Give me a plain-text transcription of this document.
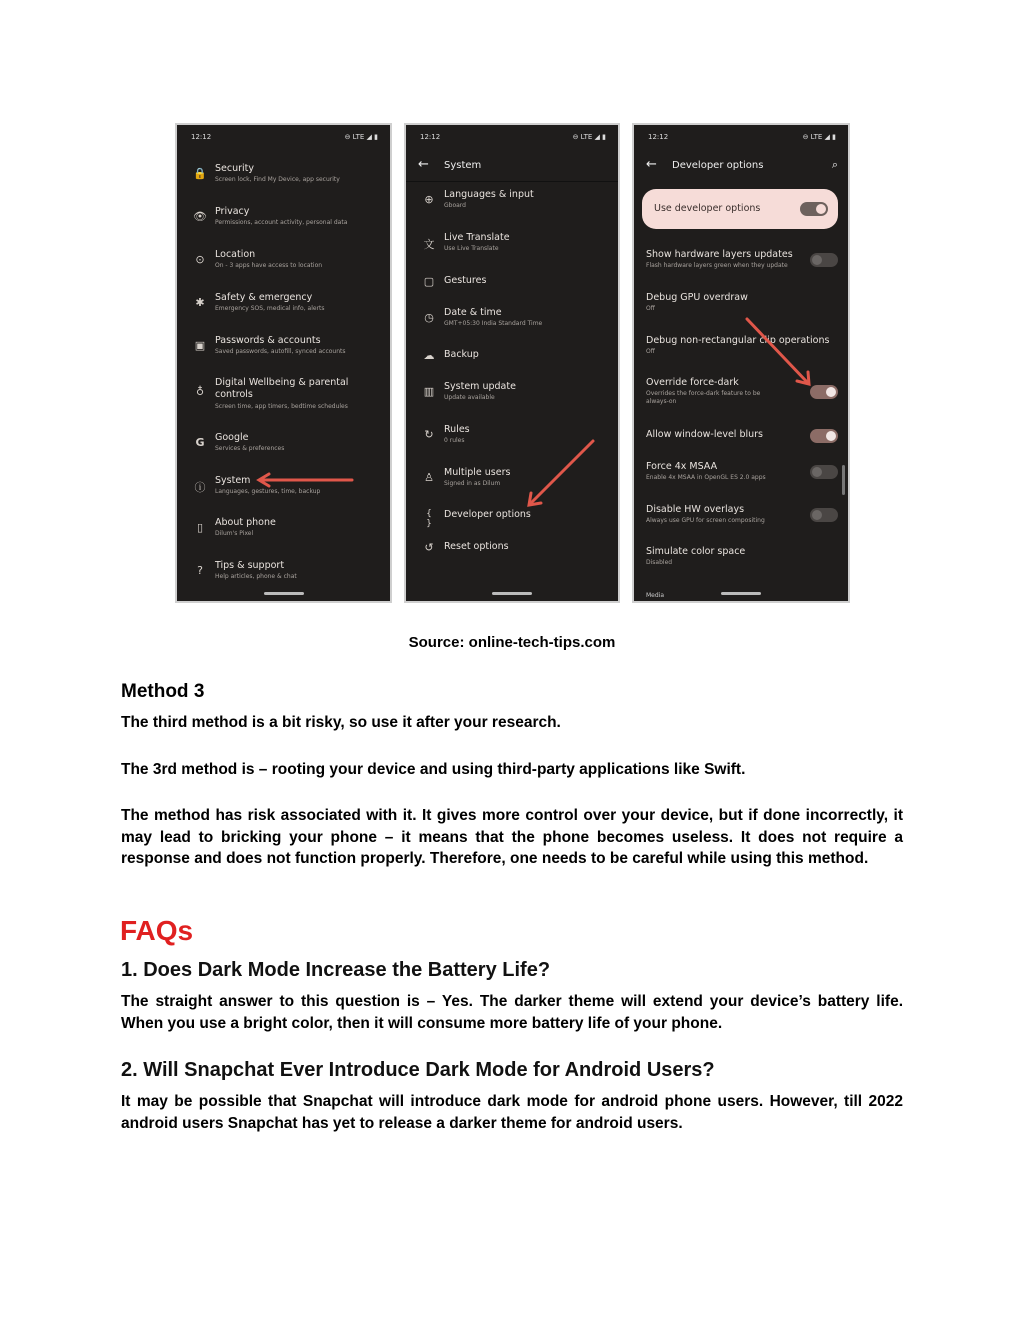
12:12	⊖ LTE ◢ ▮
🔒 Security
Screen lock, Find My Device, app security
👁 Privacy
Permissions, account activity, personal data
⊙ Location
On - 3 apps have access to location
✱ Safety & emergency
Emergency SOS, medical info, alerts
▣ Passwords & accounts
Saved passwords, autofill, synced accounts
♁
Digital Wellbeing & parental
controls
Screen time, app timers, bedtime schedules
G Google
Services & preferences
ⓘ
System
Languages, gestures, time, backup
▯	About phone
Dilum's Pixel
?	Tips & support
Help articles, phone & chat
12:12	⊖ LTE ◢ ▮
← System
⊕ Languages & input
Gboard
文
Live Translate
Use Live Translate
▢ Gestures
◷ Date & time
GMT+05:30 India Standard Time
☁ Backup
▥ System update
Update available
↻ Rules
0 rules
♙ Multiple users
Signed in as Dilum
{ }
Developer options
↺ Reset options
12:12	⊖ LTE ◢ ▮
← Developer options	⌕
Use developer options
Show hardware layers updates
Flash hardware layers green when they update
Debug GPU overdraw
Off
Debug non-rectangular clip operations
Off
Override force-dark
Overrides the force-dark feature to be
always-on
Allow window-level blurs
Force 4x MSAA
Enable 4x MSAA in OpenGL ES 2.0 apps
Disable HW overlays
Always use GPU for screen compositing
Simulate color space
Disabled
Media
Source: online-tech-tips.com
Method 3
The third method is a bit risky, so use it after your research.
The 3rd method is – rooting your device and using third-party applications like Swift.
The method has risk associated with it. It gives more control over your device, but if done incorrectly, it may lead to bricking your phone – it means that the phone becomes useless. It does not require a response and does not function properly. Therefore, one needs to be careful while using this method.
FAQs
1. Does Dark Mode Increase the Battery Life?
The straight answer to this question is – Yes. The darker theme will extend your device’s battery life. When you use a bright color, then it will consume more battery life of your phone.
2. Will Snapchat Ever Introduce Dark Mode for Android Users?
It may be possible that Snapchat will introduce dark mode for android phone users. However, till 2022 android users Snapchat has yet to release a darker theme for android users.
